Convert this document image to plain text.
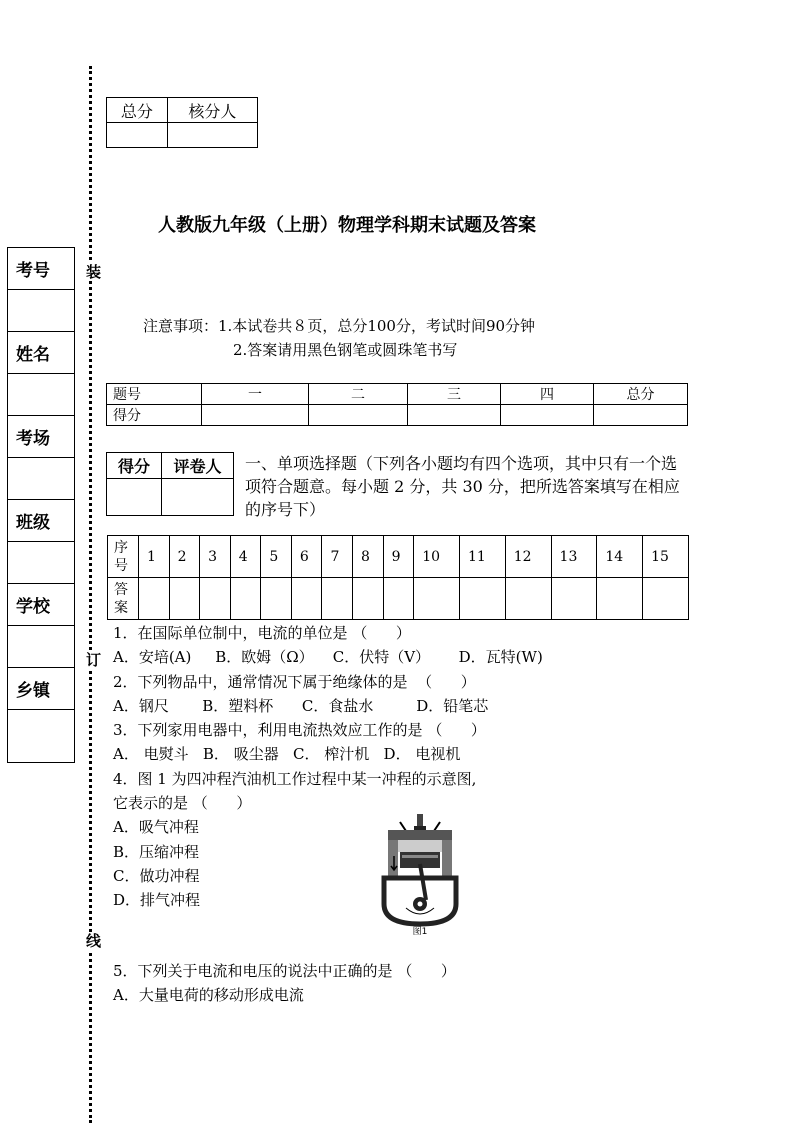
装
订
线
总分	核分人

人教版九年级（上册）物理学科期末试题及答案
考号

姓名

考场

班级

学校

乡镇

注意事项：1.本试卷共８页，总分100分，考试时间90分钟
2.答案请用黑色钢笔或圆珠笔书写
题号	一	二	三	四	总分
得分					
得分	评卷人
	一、单项选择题（下列各小题均有四个选项，其中只有一个选项符合题意。每小题 2 分，共 30 分，把所选答案填写在相应的序号下）
序号	1	2	3	4	5	6	7	8	9	10	11	12	13	14	15
答案															
1．在国际单位制中，电流的单位是 （      ）
A．安培(A)     B．欧姆（Ω）    C．伏特（V）      D．瓦特(W)
2．下列物品中，通常情况下属于绝缘体的是  （      ）
A．钢尺       B．塑料杯      C．食盐水         D．铅笔芯
3．下列家用电器中，利用电流热效应工作的是 （      ）
A． 电熨斗   B． 吸尘器   C． 榨汁机   D． 电视机
4．图 1 为四冲程汽油机工作过程中某一冲程的示意图,
它表示的是 （      ）
A．吸气冲程
B．压缩冲程
C．做功冲程
D．排气冲程
5．下列关于电流和电压的说法中正确的是 （      ）
A．大量电荷的移动形成电流
图1
